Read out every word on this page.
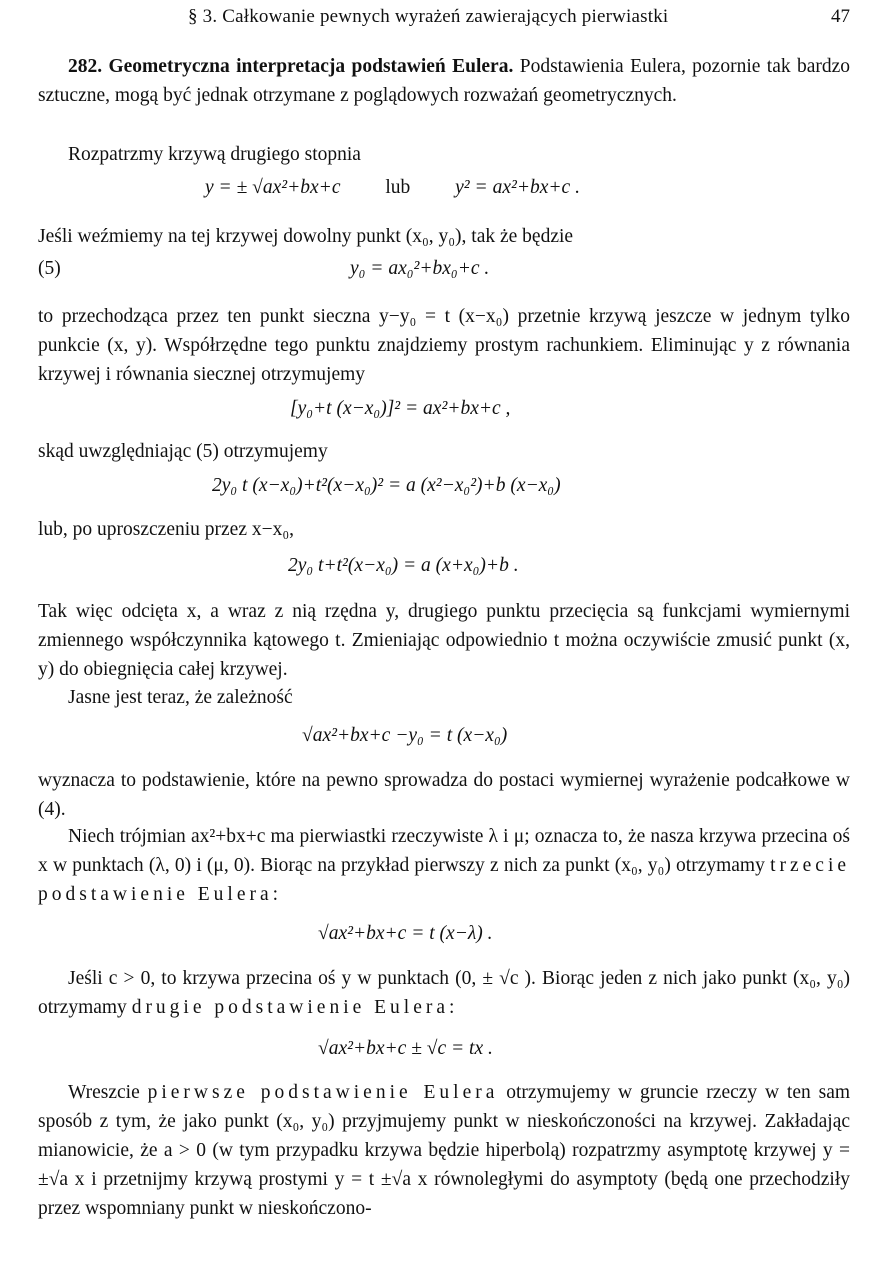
§ 3. Całkowanie pewnych wyrażeń zawierających pierwiastki	47

282. Geometryczna interpretacja podstawień Eulera. Podstawienia Eulera, pozornie tak bardzo sztuczne, mogą być jednak otrzymane z poglądowych rozważań geometrycznych.

Rozpatrzmy krzywą drugiego stopnia

y = ± √ax²+bx+c lub y² = ax²+bx+c .

Jeśli weźmiemy na tej krzywej dowolny punkt (x₀, y₀), tak że będzie

(5)	y₀ = ax₀²+bx₀+c .

to przechodząca przez ten punkt sieczna y−y₀ = t (x−x₀) przetnie krzywą jeszcze w jednym tylko punkcie (x, y). Współrzędne tego punktu znajdziemy prostym rachunkiem. Eliminując y z równania krzywej i równania siecznej otrzymujemy

[y₀+t (x−x₀)]² = ax²+bx+c ,

skąd uwzględniając (5) otrzymujemy

2y₀ t (x−x₀)+t²(x−x₀)² = a (x²−x₀²)+b (x−x₀)

lub, po uproszczeniu przez x−x₀,

2y₀ t+t²(x−x₀) = a (x+x₀)+b .

Tak więc odcięta x, a wraz z nią rzędna y, drugiego punktu przecięcia są funkcjami wymiernymi zmiennego współczynnika kątowego t. Zmieniając odpowiednio t można oczywiście zmusić punkt (x, y) do obiegnięcia całej krzywej.

Jasne jest teraz, że zależność

√ax²+bx+c −y₀ = t (x−x₀)

wyznacza to podstawienie, które na pewno sprowadza do postaci wymiernej wyrażenie podcałkowe w (4).

Niech trójmian ax²+bx+c ma pierwiastki rzeczywiste λ i μ; oznacza to, że nasza krzywa przecina oś x w punktach (λ, 0) i (μ, 0). Biorąc na przykład pierwszy z nich za punkt (x₀, y₀) otrzymamy trzecie podstawienie Eulera:

√ax²+bx+c = t (x−λ) .

Jeśli c > 0, to krzywa przecina oś y w punktach (0, ± √c ). Biorąc jeden z nich jako punkt (x₀, y₀) otrzymamy drugie podstawienie Eulera:

√ax²+bx+c ± √c = tx .

Wreszcie pierwsze podstawienie Eulera otrzymujemy w gruncie rzeczy w ten sam sposób z tym, że jako punkt (x₀, y₀) przyjmujemy punkt w nieskończoności na krzywej. Zakładając mianowicie, że a > 0 (w tym przypadku krzywa będzie hiperbolą) rozpatrzmy asymptotę krzywej y = ±√a x i przetnijmy krzywą prostymi y = t ±√a x równoległymi do asymptoty (będą one przechodziły przez wspomniany punkt w nieskończono-
